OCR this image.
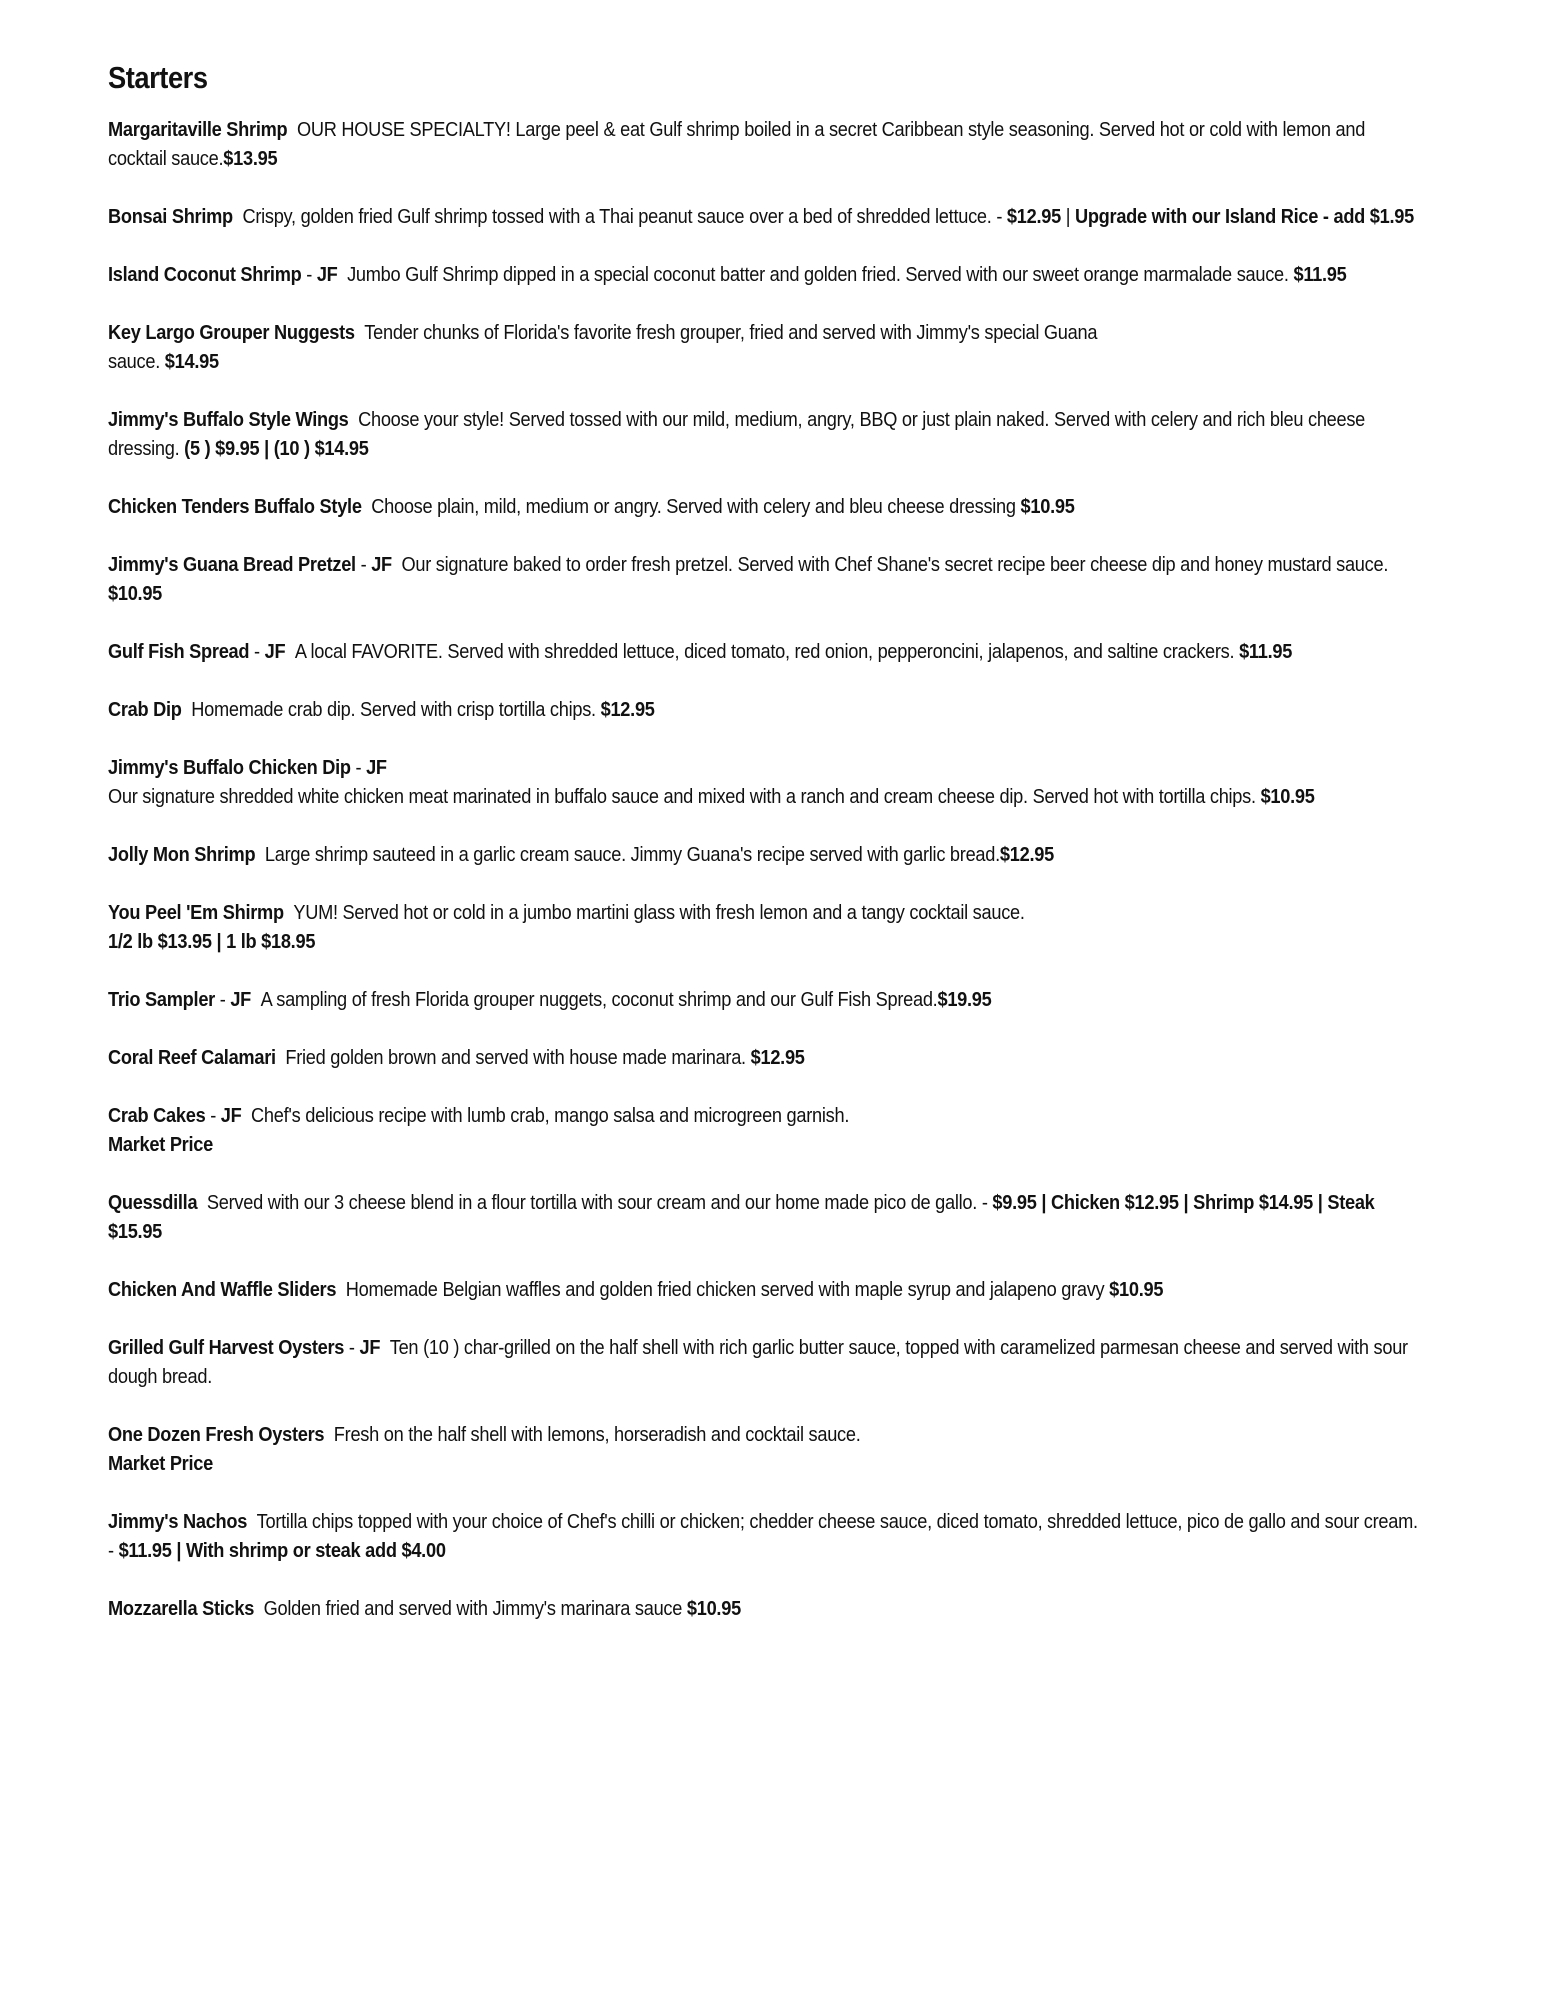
Starters
Margaritaville Shrimp OUR HOUSE SPECIALTY! Large peel & eat Gulf shrimp boiled in a secret Caribbean style seasoning. Served hot or cold with lemon and cocktail sauce.$13.95
Bonsai Shrimp Crispy, golden fried Gulf shrimp tossed with a Thai peanut sauce over a bed of shredded lettuce. - $12.95 | Upgrade with our Island Rice - add $1.95
Island Coconut Shrimp - JF Jumbo Gulf Shrimp dipped in a special coconut batter and golden fried. Served with our sweet orange marmalade sauce. $11.95
Key Largo Grouper Nuggests Tender chunks of Florida's favorite fresh grouper, fried and served with Jimmy's special Guana
sauce. $14.95
Jimmy's Buffalo Style Wings Choose your style! Served tossed with our mild, medium, angry, BBQ or just plain naked. Served with celery and rich bleu cheese dressing. (5 ) $9.95 | (10 ) $14.95
Chicken Tenders Buffalo Style Choose plain, mild, medium or angry. Served with celery and bleu cheese dressing $10.95
Jimmy's Guana Bread Pretzel - JF Our signature baked to order fresh pretzel. Served with Chef Shane's secret recipe beer cheese dip and honey mustard sauce. $10.95
Gulf Fish Spread - JF A local FAVORITE. Served with shredded lettuce, diced tomato, red onion, pepperoncini, jalapenos, and saltine crackers. $11.95
Crab Dip Homemade crab dip. Served with crisp tortilla chips. $12.95
Jimmy's Buffalo Chicken Dip - JF
Our signature shredded white chicken meat marinated in buffalo sauce and mixed with a ranch and cream cheese dip. Served hot with tortilla chips. $10.95
Jolly Mon Shrimp Large shrimp sauteed in a garlic cream sauce. Jimmy Guana's recipe served with garlic bread.$12.95
You Peel 'Em Shirmp YUM! Served hot or cold in a jumbo martini glass with fresh lemon and a tangy cocktail sauce.
1/2 lb $13.95 | 1 lb $18.95
Trio Sampler - JF A sampling of fresh Florida grouper nuggets, coconut shrimp and our Gulf Fish Spread.$19.95
Coral Reef Calamari Fried golden brown and served with house made marinara. $12.95
Crab Cakes - JF Chef's delicious recipe with lumb crab, mango salsa and microgreen garnish.
Market Price
Quessdilla Served with our 3 cheese blend in a flour tortilla with sour cream and our home made pico de gallo. - $9.95 | Chicken $12.95 | Shrimp $14.95 | Steak $15.95
Chicken And Waffle Sliders Homemade Belgian waffles and golden fried chicken served with maple syrup and jalapeno gravy $10.95
Grilled Gulf Harvest Oysters - JF Ten (10 ) char-grilled on the half shell with rich garlic butter sauce, topped with caramelized parmesan cheese and served with sour dough bread.
One Dozen Fresh Oysters Fresh on the half shell with lemons, horseradish and cocktail sauce.
Market Price
Jimmy's Nachos Tortilla chips topped with your choice of Chef's chilli or chicken; chedder cheese sauce, diced tomato, shredded lettuce, pico de gallo and sour cream. - $11.95 | With shrimp or steak add $4.00
Mozzarella Sticks Golden fried and served with Jimmy's marinara sauce $10.95
